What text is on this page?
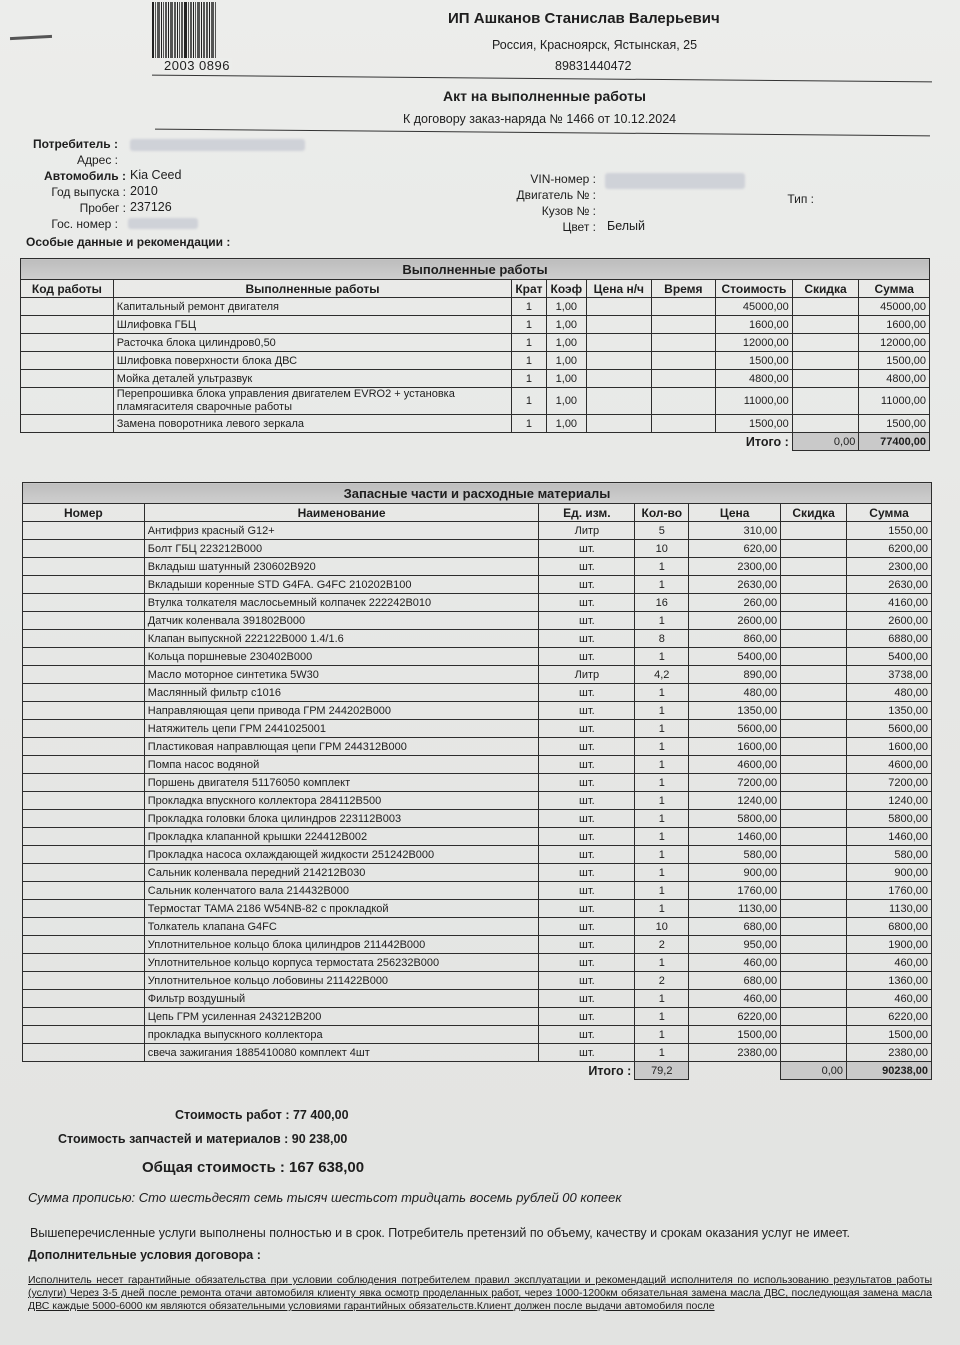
2003 0896
ИП Ашканов Станислав Валерьевич
Россия, Красноярск, Ястынская, 25
89831440472
Акт на выполненные работы
К договору заказ-наряда № 1466 от 10.12.2024
Потребитель :
Адрес :
Автомобиль : Kia Ceed
Год выпуска : 2010
Пробег : 237126
Гос. номер :
Особые данные и рекомендации :
VIN-номер :
Двигатель № :
Кузов № :
Цвет : Белый
Тип :
Выполненные работы								
Код работы	Выполненные работы	Крат	Коэф	Цена н/ч	Время	Стоимость	Скидка	Сумма
	Капитальный ремонт двигателя	1	1,00			45000,00		45000,00
	Шлифовка ГБЦ	1	1,00			1600,00		1600,00
	Расточка блока цилиндров0,50	1	1,00			12000,00		12000,00
	Шлифовка поверхности блока ДВС	1	1,00			1500,00		1500,00
	Мойка деталей ультразвук	1	1,00			4800,00		4800,00
	Перепрошивка блока управления двигателем EVRO2 + установка пламягасителя сварочные работы	1	1,00			11000,00		11000,00
	Замена поворотника левого зеркала	1	1,00			1500,00		1500,00
						Итого :	0,00	77400,00
Запасные части и расходные материалы						
Номер	Наименование	Ед. изм.	Кол-во	Цена	Скидка	Сумма
	Антифриз красный G12+	Литр	5	310,00		1550,00
	Болт ГБЦ 223212B000	шт.	10	620,00		6200,00
	Вкладыш шатунный 230602B920	шт.	1	2300,00		2300,00
	Вкладыши коренные STD G4FA. G4FC 210202B100	шт.	1	2630,00		2630,00
	Втулка толкателя маслосьемный колпачек 222242B010	шт.	16	260,00		4160,00
	Датчик коленвала 391802B000	шт.	1	2600,00		2600,00
	Клапан выпускной 222122B000 1.4/1.6	шт.	8	860,00		6880,00
	Кольца поршневые 230402B000	шт.	1	5400,00		5400,00
	Масло моторное синтетика 5W30	Литр	4,2	890,00		3738,00
	Маслянный фильтр с1016	шт.	1	480,00		480,00
	Направляющая цепи привода ГРМ 244202B000	шт.	1	1350,00		1350,00
	Натяжитель цепи ГРМ 2441025001	шт.	1	5600,00		5600,00
	Пластиковая направлющая цепи ГРМ 244312B000	шт.	1	1600,00		1600,00
	Помпа насос водяной	шт.	1	4600,00		4600,00
	Поршень двигателя 51176050 комплект	шт.	1	7200,00		7200,00
	Прокладка впускного коллектора 284112B500	шт.	1	1240,00		1240,00
	Прокладка головки блока цилиндров 223112B003	шт.	1	5800,00		5800,00
	Прокладка клапанной крышки 224412B002	шт.	1	1460,00		1460,00
	Прокладка насоса охлаждающей жидкости 251242B000	шт.	1	580,00		580,00
	Сальник коленвала передний 214212B030	шт.	1	900,00		900,00
	Сальник коленчатого вала 214432B000	шт.	1	1760,00		1760,00
	Термостат TAMA 2186 W54NB-82 с прокладкой	шт.	1	1130,00		1130,00
	Толкатель клапана G4FC	шт.	10	680,00		6800,00
	Уплотнительное кольцо блока цилиндров 211442B000	шт.	2	950,00		1900,00
	Уплотнительное кольцо корпуса термостата 256232B000	шт.	1	460,00		460,00
	Уплотнительное кольцо лобовины 211422B000	шт.	2	680,00		1360,00
	Фильтр воздушный	шт.	1	460,00		460,00
	Цепь ГРМ усиленная 243212B200	шт.	1	6220,00		6220,00
	прокладка выпускного коллектора	шт.	1	1500,00		1500,00
	свеча зажигания 1885410080 комплект 4шт	шт.	1	2380,00		2380,00
		Итого :	79,2		0,00	90238,00
Стоимость работ : 77 400,00
Стоимость запчастей и материалов : 90 238,00
Общая стоимость : 167 638,00
Сумма прописью: Сто шестьдесят семь тысяч шестьсот тридцать восемь рублей 00 копеек
Вышеперечисленные услуги выполнены полностью и в срок. Потребитель претензий по объему, качеству и срокам оказания услуг не имеет.
Дополнительные условия договора :
Исполнитель несет гарантийные обязательства при условии соблюдения потребителем правил эксплуатации и рекомендаций исполнителя по использованию результатов работы (услуги) Через 3-5 дней после ремонта отачи автомобиля клиенту явка осмотр проделанных работ, через 1000-1200км обязательная замена масла ДВС, последующая замена масла ДВС каждые 5000-6000 км являются обязательными условиями гарантийных обязательств.Клиент должен после выдачи автомобиля после
